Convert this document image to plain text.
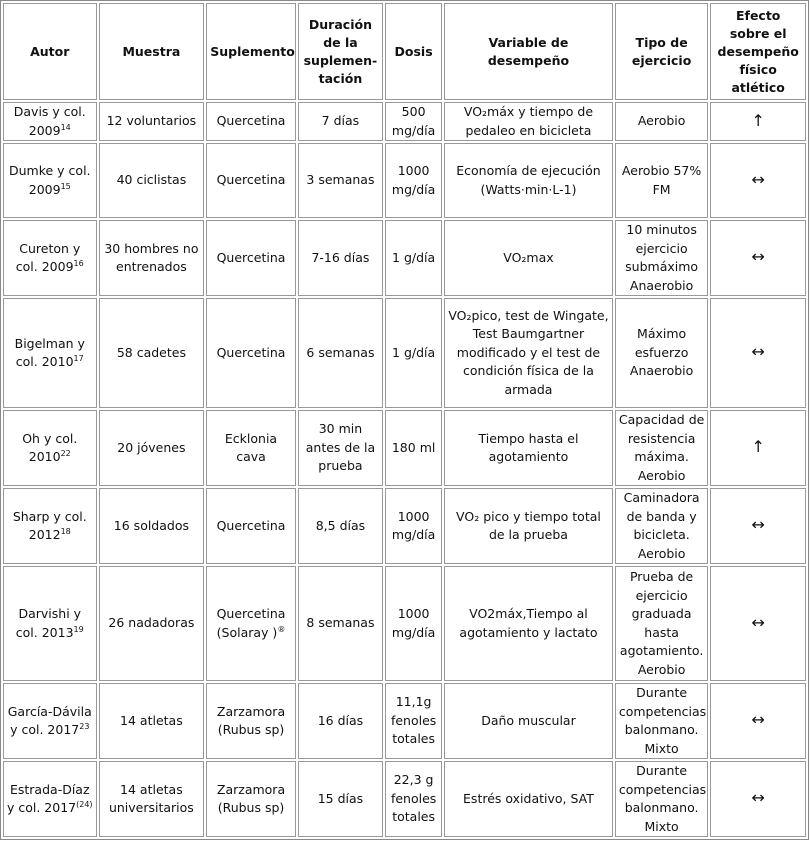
Autor	Muestra	Suplemento	Duración de la suplemen-tación	Dosis	Variable de desempeño	Tipo de ejercicio	Efecto sobre el desempeño físico atlético
Davis y col. 2009$^{14}$	12 voluntarios	Quercetina	7 días	500 mg/día	VO₂máx y tiempo de pedaleo en bicicleta	Aerobio	↑
Dumke y col. 2009$^{15}$	40 ciclistas	Quercetina	3 semanas	1000 mg/día	Economía de ejecución (Watts·min·L-1)	Aerobio 57% FM	↔
Cureton y col. 2009$^{16}$	30 hombres no entrenados	Quercetina	7-16 días	1 g/día	VO₂max	10 minutos ejercicio submáximo Anaerobio	↔
Bigelman y col. 2010$^{17}$	58 cadetes	Quercetina	6 semanas	1 g/día	VO₂pico, test de Wingate, Test Baumgartner modificado y el test de condición física de la armada	Máximo esfuerzo Anaerobio	↔
Oh y col. 2010$^{22}$	20 jóvenes	Ecklonia cava	30 min antes de la prueba	180 ml	Tiempo hasta el agotamiento	Capacidad de resistencia máxima. Aerobio	↑
Sharp y col. 2012$^{18}$	16 soldados	Quercetina	8,5 días	1000 mg/día	VO₂ pico y tiempo total de la prueba	Caminadora de banda y bicicleta. Aerobio	↔
Darvishi y col. 2013$^{19}$	26 nadadoras	Quercetina (Solaray )®	8 semanas	1000 mg/día	VO2máx,Tiempo al agotamiento y lactato	Prueba de ejercicio graduada hasta agotamiento. Aerobio	↔
García-Dávila y col. 2017$^{23}$	14 atletas	Zarzamora (Rubus sp)	16 días	11,1g fenoles totales	Daño muscular	Durante competencias balonmano. Mixto	↔
Estrada-Díaz y col. 2017$^{(24)}$	14 atletas universitarios	Zarzamora (Rubus sp)	15 días	22,3 g fenoles totales	Estrés oxidativo, SAT	Durante competencias balonmano. Mixto	↔
